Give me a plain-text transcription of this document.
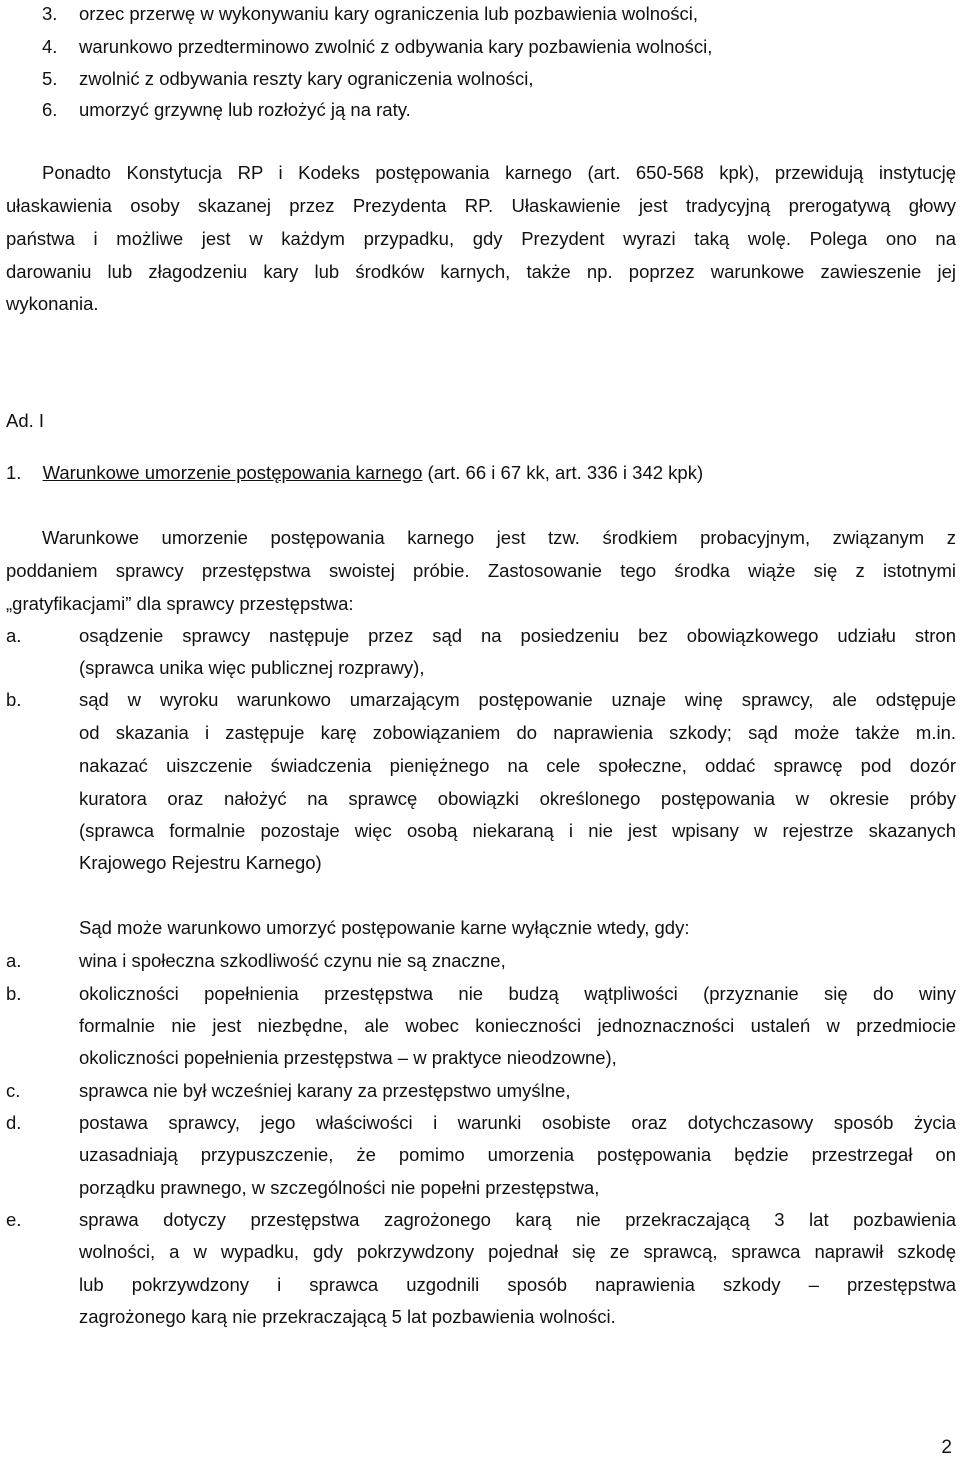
3. orzec przerwę w wykonywaniu kary ograniczenia lub pozbawienia wolności,
4. warunkowo przedterminowo zwolnić z odbywania kary pozbawienia wolności,
5. zwolnić z odbywania reszty kary ograniczenia wolności,
6. umorzyć grzywnę lub rozłożyć ją na raty.
Ponadto Konstytucja RP i Kodeks postępowania karnego (art. 650-568 kpk), przewidują instytucję
ułaskawienia osoby skazanej przez Prezydenta RP. Ułaskawienie jest tradycyjną prerogatywą głowy
państwa i możliwe jest w każdym przypadku, gdy Prezydent wyrazi taką wolę. Polega ono na
darowaniu lub złagodzeniu kary lub środków karnych, także np. poprzez warunkowe zawieszenie jej
wykonania.
Ad. I
1. Warunkowe umorzenie postępowania karnego (art. 66 i 67 kk, art. 336 i 342 kpk)
Warunkowe umorzenie postępowania karnego jest tzw. środkiem probacyjnym, związanym z
poddaniem sprawcy przestępstwa swoistej próbie. Zastosowanie tego środka wiąże się z istotnymi
„gratyfikacjami” dla sprawcy przestępstwa:
a.	osądzenie sprawcy następuje przez sąd na posiedzeniu bez obowiązkowego udziału stron
(sprawca unika więc publicznej rozprawy),
b.	sąd w wyroku warunkowo umarzającym postępowanie uznaje winę sprawcy, ale odstępuje
od skazania i zastępuje karę zobowiązaniem do naprawienia szkody; sąd może także m.in.
nakazać uiszczenie świadczenia pieniężnego na cele społeczne, oddać sprawcę pod dozór
kuratora oraz nałożyć na sprawcę obowiązki określonego postępowania w okresie próby
(sprawca formalnie pozostaje więc osobą niekaraną i nie jest wpisany w rejestrze skazanych
Krajowego Rejestru Karnego)
Sąd może warunkowo umorzyć postępowanie karne wyłącznie wtedy, gdy:
a.	wina i społeczna szkodliwość czynu nie są znaczne,
b.	okoliczności popełnienia przestępstwa nie budzą wątpliwości (przyznanie się do winy
formalnie nie jest niezbędne, ale wobec konieczności jednoznaczności ustaleń w przedmiocie
okoliczności popełnienia przestępstwa – w praktyce nieodzowne),
c.	sprawca nie był wcześniej karany za przestępstwo umyślne,
d.	postawa sprawcy, jego właściwości i warunki osobiste oraz dotychczasowy sposób życia
uzasadniają przypuszczenie, że pomimo umorzenia postępowania będzie przestrzegał on
porządku prawnego, w szczególności nie popełni przestępstwa,
e.	sprawa dotyczy przestępstwa zagrożonego karą nie przekraczającą 3 lat pozbawienia
wolności, a w wypadku, gdy pokrzywdzony pojednał się ze sprawcą, sprawca naprawił szkodę
lub pokrzywdzony i sprawca uzgodnili sposób naprawienia szkody – przestępstwa
zagrożonego karą nie przekraczającą 5 lat pozbawienia wolności.
2
